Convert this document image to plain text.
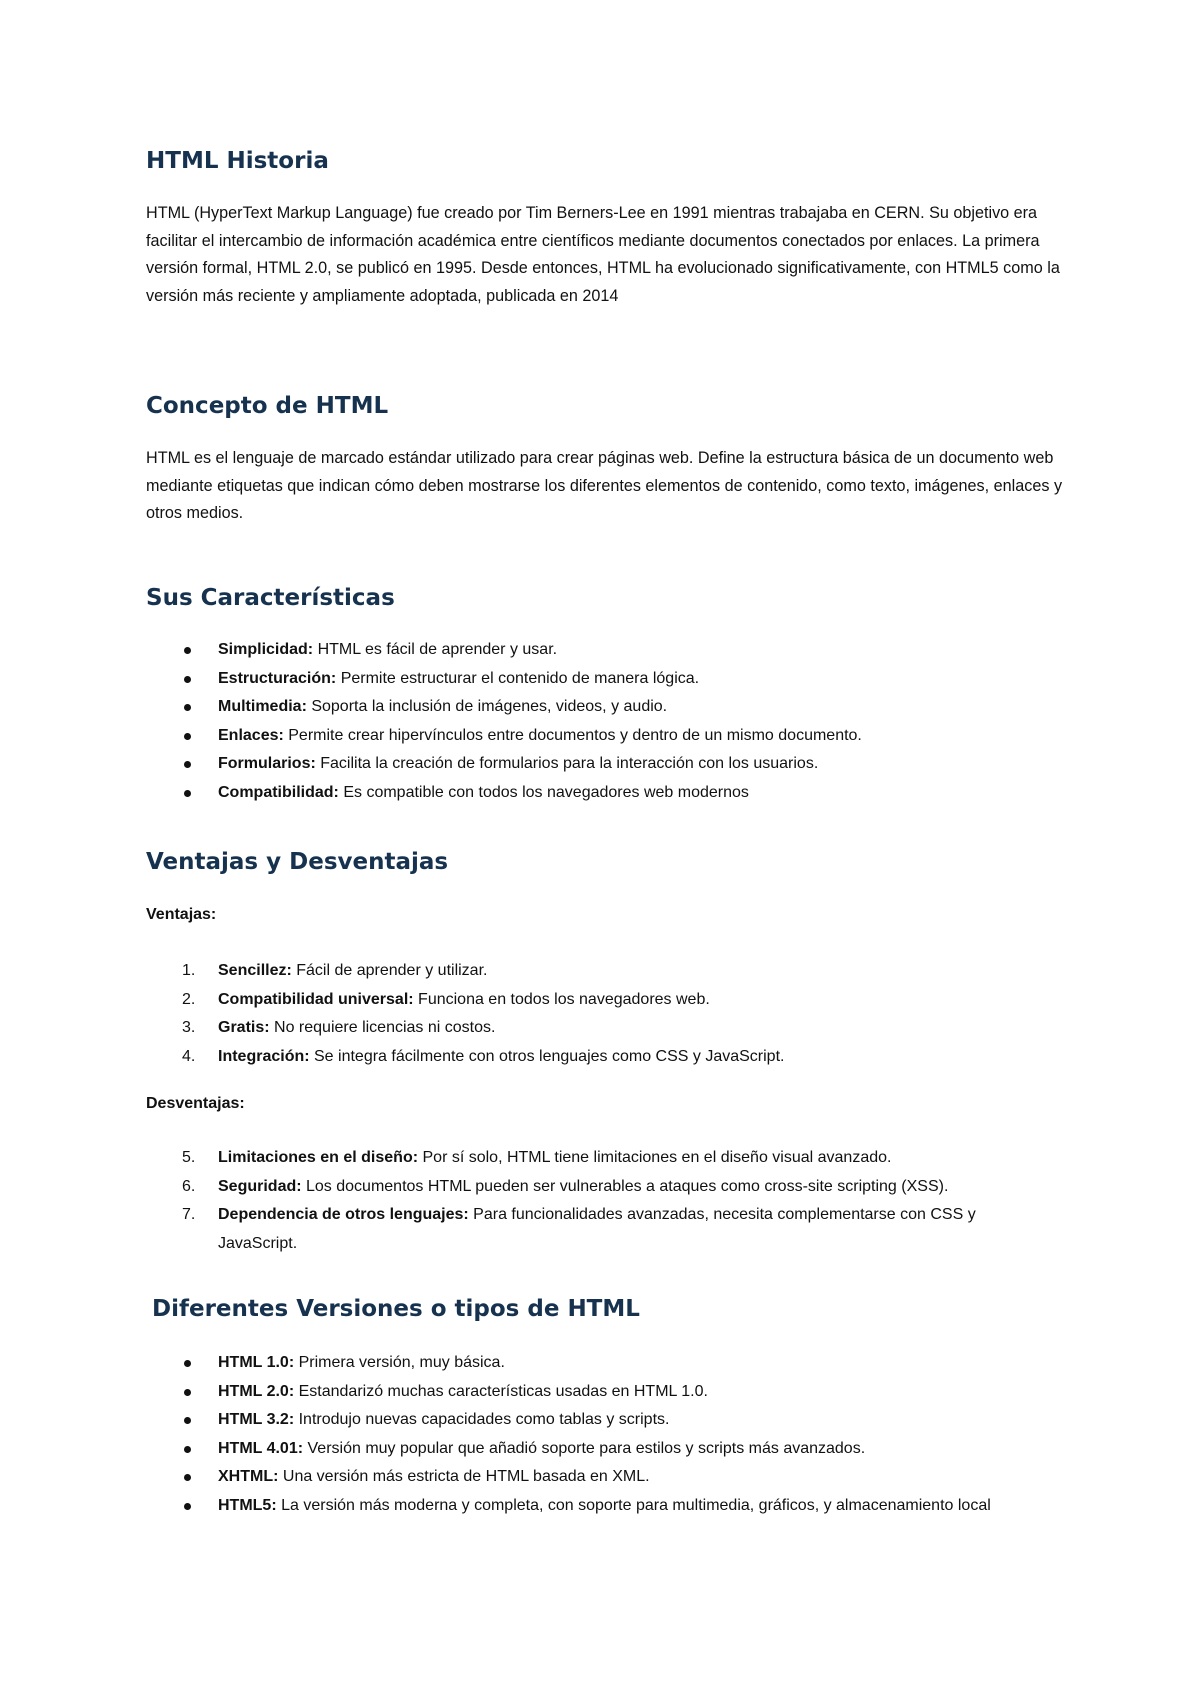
HTML Historia

HTML (HyperText Markup Language) fue creado por Tim Berners-Lee en 1991 mientras trabajaba en CERN. Su objetivo era facilitar el intercambio de información académica entre científicos mediante documentos conectados por enlaces. La primera versión formal, HTML 2.0, se publicó en 1995. Desde entonces, HTML ha evolucionado significativamente, con HTML5 como la versión más reciente y ampliamente adoptada, publicada en 2014

Concepto de HTML

HTML es el lenguaje de marcado estándar utilizado para crear páginas web. Define la estructura básica de un documento web mediante etiquetas que indican cómo deben mostrarse los diferentes elementos de contenido, como texto, imágenes, enlaces y otros medios.

Sus Características
Simplicidad: HTML es fácil de aprender y usar.
Estructuración: Permite estructurar el contenido de manera lógica.
Multimedia: Soporta la inclusión de imágenes, videos, y audio.
Enlaces: Permite crear hipervínculos entre documentos y dentro de un mismo documento.
Formularios: Facilita la creación de formularios para la interacción con los usuarios.
Compatibilidad: Es compatible con todos los navegadores web modernos
Ventajas y Desventajas
Ventajas:
1. Sencillez: Fácil de aprender y utilizar.
2. Compatibilidad universal: Funciona en todos los navegadores web.
3. Gratis: No requiere licencias ni costos.
4. Integración: Se integra fácilmente con otros lenguajes como CSS y JavaScript.
Desventajas:
5. Limitaciones en el diseño: Por sí solo, HTML tiene limitaciones en el diseño visual avanzado.
6. Seguridad: Los documentos HTML pueden ser vulnerables a ataques como cross-site scripting (XSS).
7. Dependencia de otros lenguajes: Para funcionalidades avanzadas, necesita complementarse con CSS y JavaScript.
Diferentes Versiones o tipos de HTML
HTML 1.0: Primera versión, muy básica.
HTML 2.0: Estandarizó muchas características usadas en HTML 1.0.
HTML 3.2: Introdujo nuevas capacidades como tablas y scripts.
HTML 4.01: Versión muy popular que añadió soporte para estilos y scripts más avanzados.
XHTML: Una versión más estricta de HTML basada en XML.
HTML5: La versión más moderna y completa, con soporte para multimedia, gráficos, y almacenamiento local
